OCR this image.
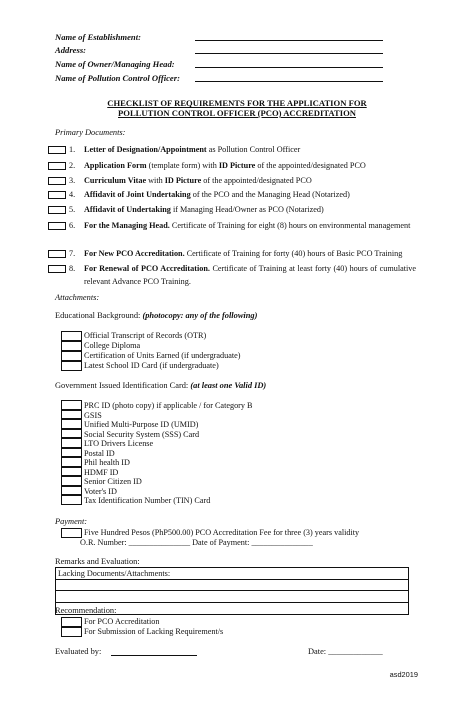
Name of Establishment:
Address:
Name of Owner/Managing Head:
Name of Pollution Control Officer:
CHECKLIST OF REQUIREMENTS FOR THE APPLICATION FOR
POLLUTION CONTROL OFFICER (PCO) ACCREDITATION
Primary Documents:
1. Letter of Designation/Appointment as Pollution Control Officer
2. Application Form (template form) with ID Picture of the appointed/designated PCO
3. Curriculum Vitae with ID Picture of the appointed/designated PCO
4. Affidavit of Joint Undertaking of the PCO and the Managing Head (Notarized)
5. Affidavit of Undertaking if Managing Head/Owner as PCO (Notarized)
6. For the Managing Head. Certificate of Training for eight (8) hours on environmental management
7. For New PCO Accreditation. Certificate of Training for forty (40) hours of Basic PCO Training
8. For Renewal of PCO Accreditation. Certificate of Training at least forty (40) hours of cumulative relevant Advance PCO Training.
Attachments:
Educational Background: (photocopy: any of the following)
Official Transcript of Records (OTR)
College Diploma
Certification of Units Earned (if undergraduate)
Latest School ID Card (if undergraduate)
Government Issued Identification Card: (at least one Valid ID)
PRC ID (photo copy) if applicable / for Category B
GSIS
Unified Multi-Purpose ID (UMID)
Social Security System (SSS) Card
LTO Drivers License
Postal ID
Phil health ID
HDMF ID
Senior Citizen ID
Voter's ID
Tax Identification Number (TIN) Card
Payment:
Five Hundred Pesos (PhP500.00) PCO Accreditation Fee for three (3) years validity
O.R. Number: _______________ Date of Payment: _______________
Remarks and Evaluation:
Lacking Documents/Attachments:
Recommendation:
For PCO Accreditation
For Submission of Lacking Requirement/s
Evaluated by:	Date: _____________
asd2019
